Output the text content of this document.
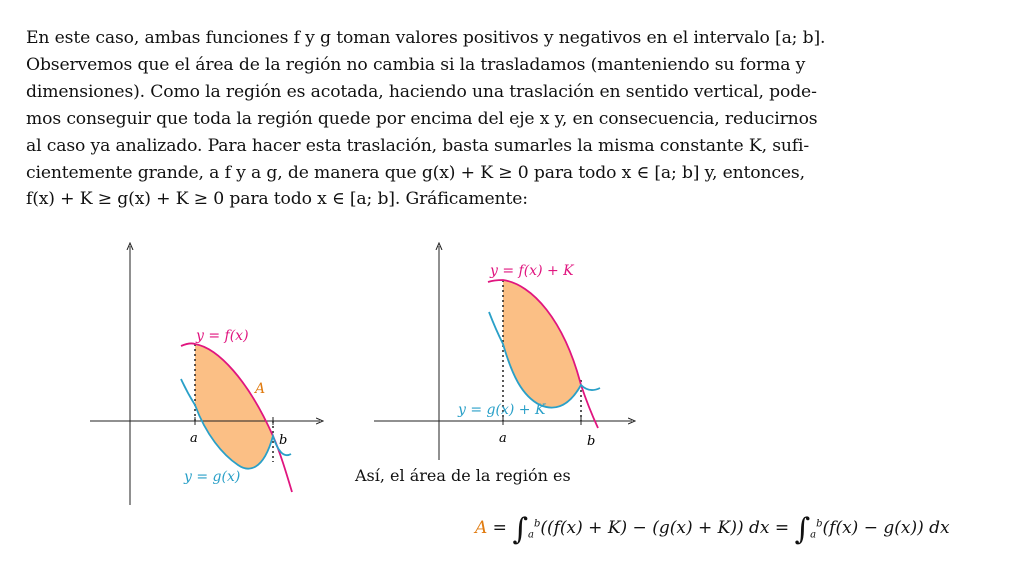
En este caso, ambas funciones f y g toman valores positivos y negativos en el intervalo [a; b].
Observemos que el área de la región no cambia si la trasladamos (manteniendo su forma y
dimensiones). Como la región es acotada, haciendo una traslación en sentido vertical, pode-
mos conseguir que toda la región quede por encima del eje x y, en consecuencia, reducirnos
al caso ya analizado. Para hacer esta traslación, basta sumarles la misma constante K, sufi-
cientemente grande, a f y a g, de manera que g(x) + K ≥ 0 para todo x ∈ [a; b] y, entonces,
f(x) + K ≥ g(x) + K ≥ 0 para todo x ∈ [a; b]. Gráficamente:
y = f(x)
A
a	b
y = g(x)
y = f(x) + K
y = g(x) + K
a	b
Así, el área de la región es
$A = \int_a^b((f(x) + K) - (g(x) + K))$ dx = $\int_a^b(f(x) - g(x))$ dx
